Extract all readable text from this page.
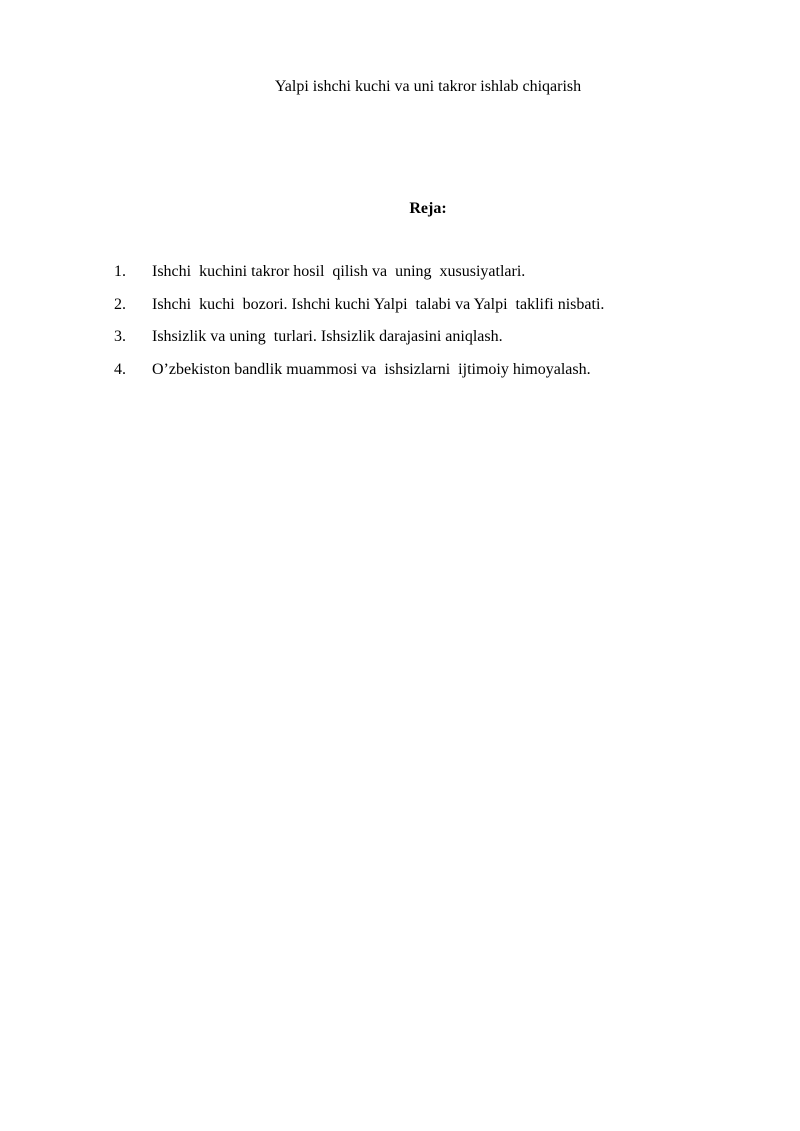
Yalpi ishchi kuchi va uni takror ishlab chiqarish
Reja:

1.

Ishchi  kuchini takror hosil  qilish va  uning  xususiyatlari.

2.

Ishchi  kuchi  bozori. Ishchi kuchi Yalpi  talabi va Yalpi  taklifi nisbati.

3.

Ishsizlik va uning  turlari. Ishsizlik darajasini aniqlash.

4.

O’zbekiston bandlik muammosi va  ishsizlarni  ijtimoiy himoyalash.
